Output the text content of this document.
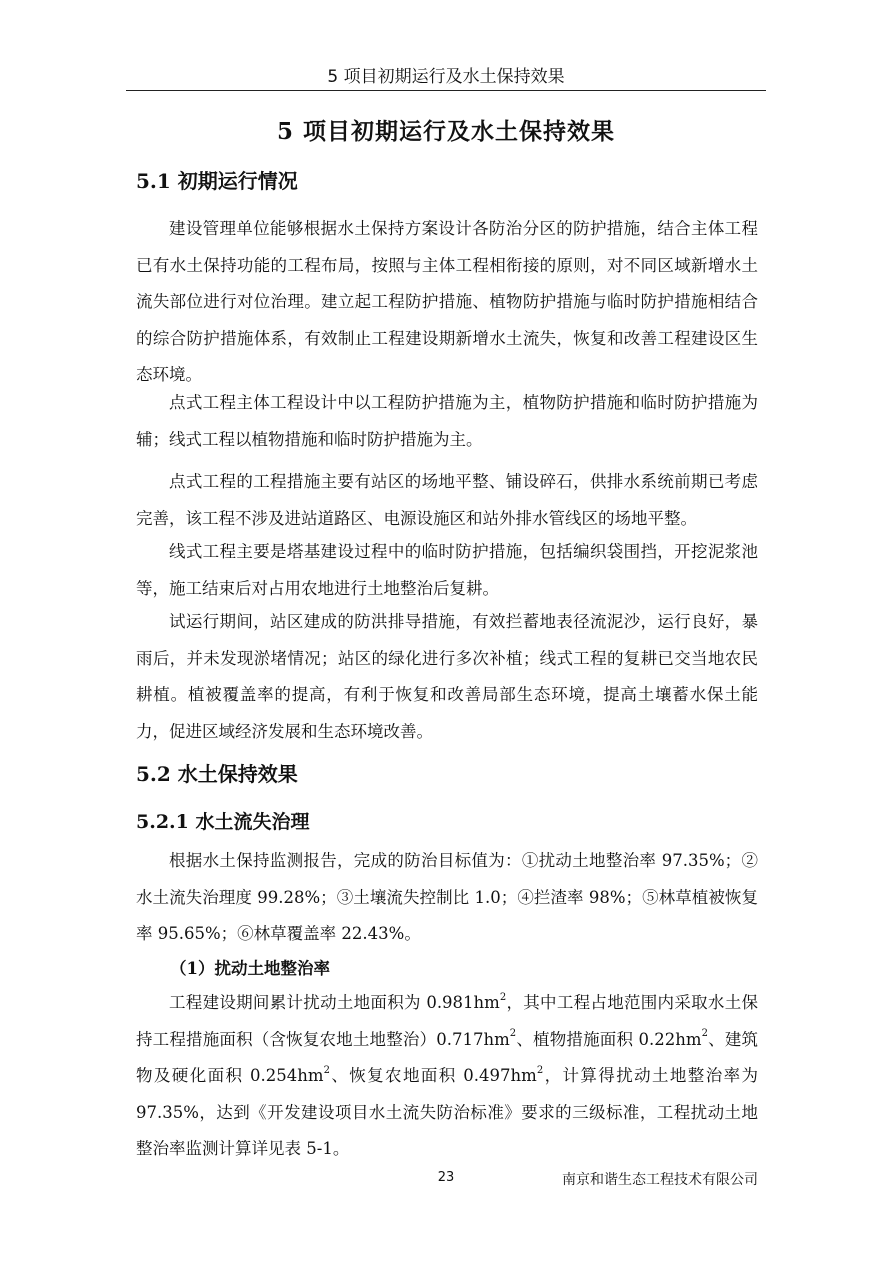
5 项目初期运行及水土保持效果
5 项目初期运行及水土保持效果
5.1 初期运行情况

建设管理单位能够根据水土保持方案设计各防治分区的防护措施，结合主体工程已有水土保持功能的工程布局，按照与主体工程相衔接的原则，对不同区域新增水土流失部位进行对位治理。建立起工程防护措施、植物防护措施与临时防护措施相结合的综合防护措施体系，有效制止工程建设期新增水土流失，恢复和改善工程建设区生态环境。

点式工程主体工程设计中以工程防护措施为主，植物防护措施和临时防护措施为辅；线式工程以植物措施和临时防护措施为主。

点式工程的工程措施主要有站区的场地平整、铺设碎石，供排水系统前期已考虑完善，该工程不涉及进站道路区、电源设施区和站外排水管线区的场地平整。

线式工程主要是塔基建设过程中的临时防护措施，包括编织袋围挡，开挖泥浆池等，施工结束后对占用农地进行土地整治后复耕。

试运行期间，站区建成的防洪排导措施，有效拦蓄地表径流泥沙，运行良好，暴雨后，并未发现淤堵情况；站区的绿化进行多次补植；线式工程的复耕已交当地农民耕植。植被覆盖率的提高，有利于恢复和改善局部生态环境，提高土壤蓄水保土能力，促进区域经济发展和生态环境改善。

5.2 水土保持效果
5.2.1 水土流失治理

根据水土保持监测报告，完成的防治目标值为：①扰动土地整治率 97.35%；②水土流失治理度 99.28%；③土壤流失控制比 1.0；④拦渣率 98%；⑤林草植被恢复率 95.65%；⑥林草覆盖率 22.43%。

（1）扰动土地整治率

工程建设期间累计扰动土地面积为 $0.981hm^2$，其中工程占地范围内采取水土保持工程措施面积（含恢复农地土地整治）$0.717hm^2$、植物措施面积 $0.22hm^2$、建筑物及硬化面积 $0.254hm^2$、恢复农地面积 $0.497hm^2$，计算得扰动土地整治率为 97.35%，达到《开发建设项目水土流失防治标准》要求的三级标准，工程扰动土地整治率监测计算详见表 5-1。

23	南京和谐生态工程技术有限公司
